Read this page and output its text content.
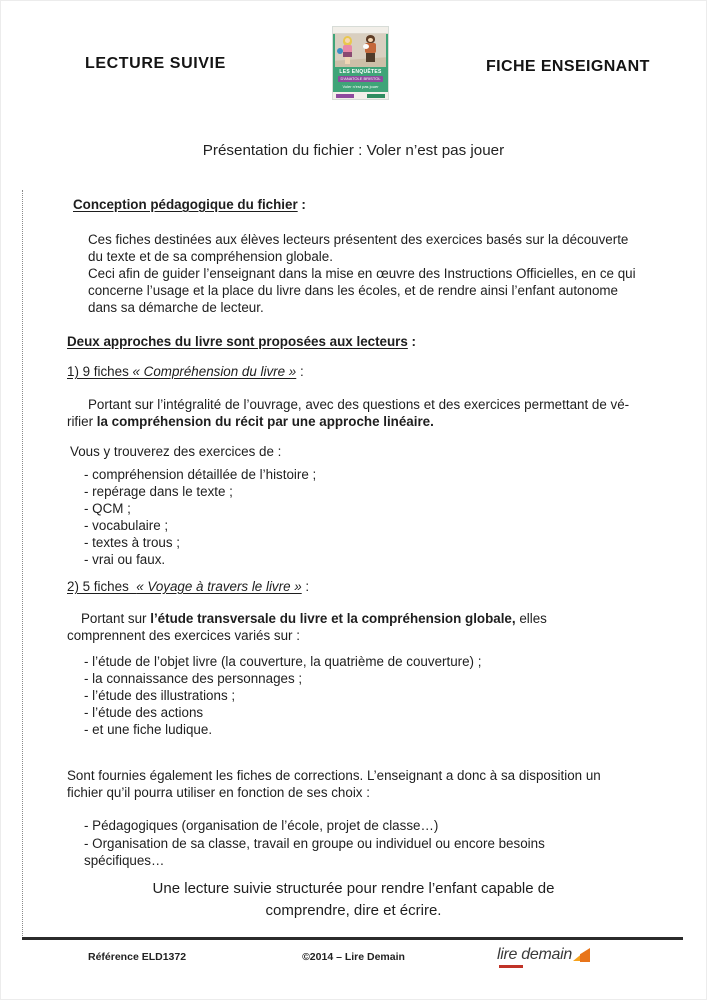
LECTURE SUIVIE	FICHE ENSEIGNANT
LES ENQUÊTES
D'ANATOLE BRISTOL
Voler n'est pas jouer
Présentation du fichier : Voler n’est pas jouer
Conception pédagogique du fichier :
Ces fiches destinées aux élèves lecteurs présentent des exercices basés sur la découverte
du texte et de sa compréhension globale.
Ceci afin de guider l’enseignant dans la mise en œuvre des Instructions Officielles, en ce qui
concerne l’usage et la place du livre dans les écoles, et de rendre ainsi l’enfant autonome
dans sa démarche de lecteur.
Deux approches du livre sont proposées aux lecteurs :
1) 9 fiches « Compréhension du livre » :
Portant sur l’intégralité de l’ouvrage, avec des questions et des exercices permettant de vé-
rifier la compréhension du récit par une approche linéaire.
Vous y trouverez des exercices de :
- compréhension détaillée de l’histoire ;
- repérage dans le texte ;
- QCM ;
- vocabulaire ;
- textes à trous ;
- vrai ou faux.
2) 5 fiches  « Voyage à travers le livre » :
Portant sur l’étude transversale du livre et la compréhension globale, elles
comprennent des exercices variés sur :
- l’étude de l’objet livre (la couverture, la quatrième de couverture) ;
- la connaissance des personnages ;
- l’étude des illustrations ;
- l’étude des actions
- et une fiche ludique.
Sont fournies également les fiches de corrections. L’enseignant a donc à sa disposition un
fichier qu’il pourra utiliser en fonction de ses choix :
- Pédagogiques (organisation de l’école, projet de classe…)
- Organisation de sa classe, travail en groupe ou individuel ou encore besoins
spécifiques…
Une lecture suivie structurée pour rendre l’enfant capable de
comprendre, dire et écrire.
Référence ELD1372	©2014 – Lire Demain	lire demain
